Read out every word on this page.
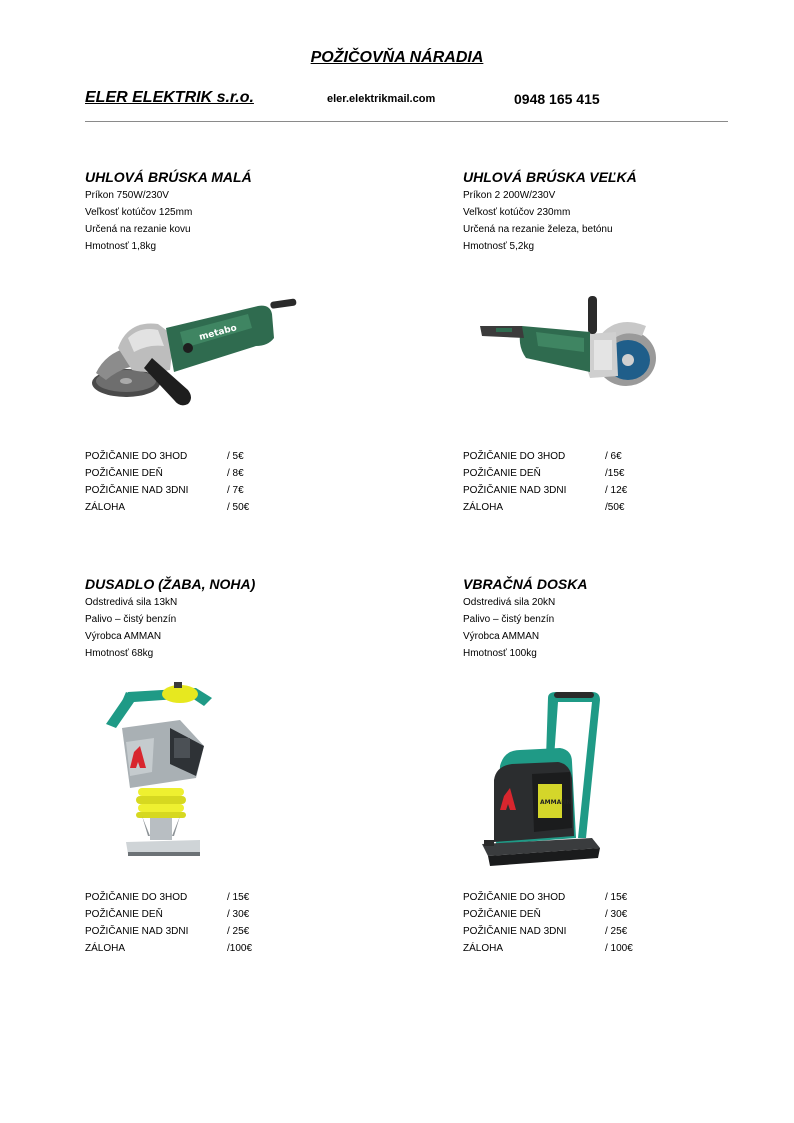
POŽIČOVŇA NÁRADIA
ELER ELEKTRIK s.r.o.	eler.elektrikmail.com	0948 165 415
UHLOVÁ BRÚSKA MALÁ
Príkon 750W/230V
Veľkosť kotúčov 125mm
Určená na rezanie kovu
Hmotnosť 1,8kg
metabo
POŽIČANIE DO 3HOD	/ 5€
POŽIČANIE DEŇ	/ 8€
POŽIČANIE NAD 3DNI	/ 7€
ZÁLOHA	/ 50€
UHLOVÁ BRÚSKA VEĽKÁ
Príkon 2 200W/230V
Veľkosť kotúčov 230mm
Určená na rezanie železa, betónu
Hmotnosť 5,2kg
POŽIČANIE DO 3HOD	/ 6€
POŽIČANIE DEŇ	/15€
POŽIČANIE NAD 3DNI	/ 12€
ZÁLOHA	/50€
DUSADLO (ŽABA, NOHA)
Odstredivá sila 13kN
Palivo – čistý benzín
Výrobca AMMAN
Hmotnosť 68kg
POŽIČANIE DO 3HOD	/ 15€
POŽIČANIE DEŇ	/ 30€
POŽIČANIE NAD 3DNI	/ 25€
ZÁLOHA	/100€
VBRAČNÁ DOSKA
Odstredivá sila 20kN
Palivo – čistý benzín
Výrobca AMMAN
Hmotnosť 100kg
AMMANN
POŽIČANIE DO 3HOD	/ 15€
POŽIČANIE DEŇ	/ 30€
POŽIČANIE NAD 3DNI	/ 25€
ZÁLOHA	/ 100€
